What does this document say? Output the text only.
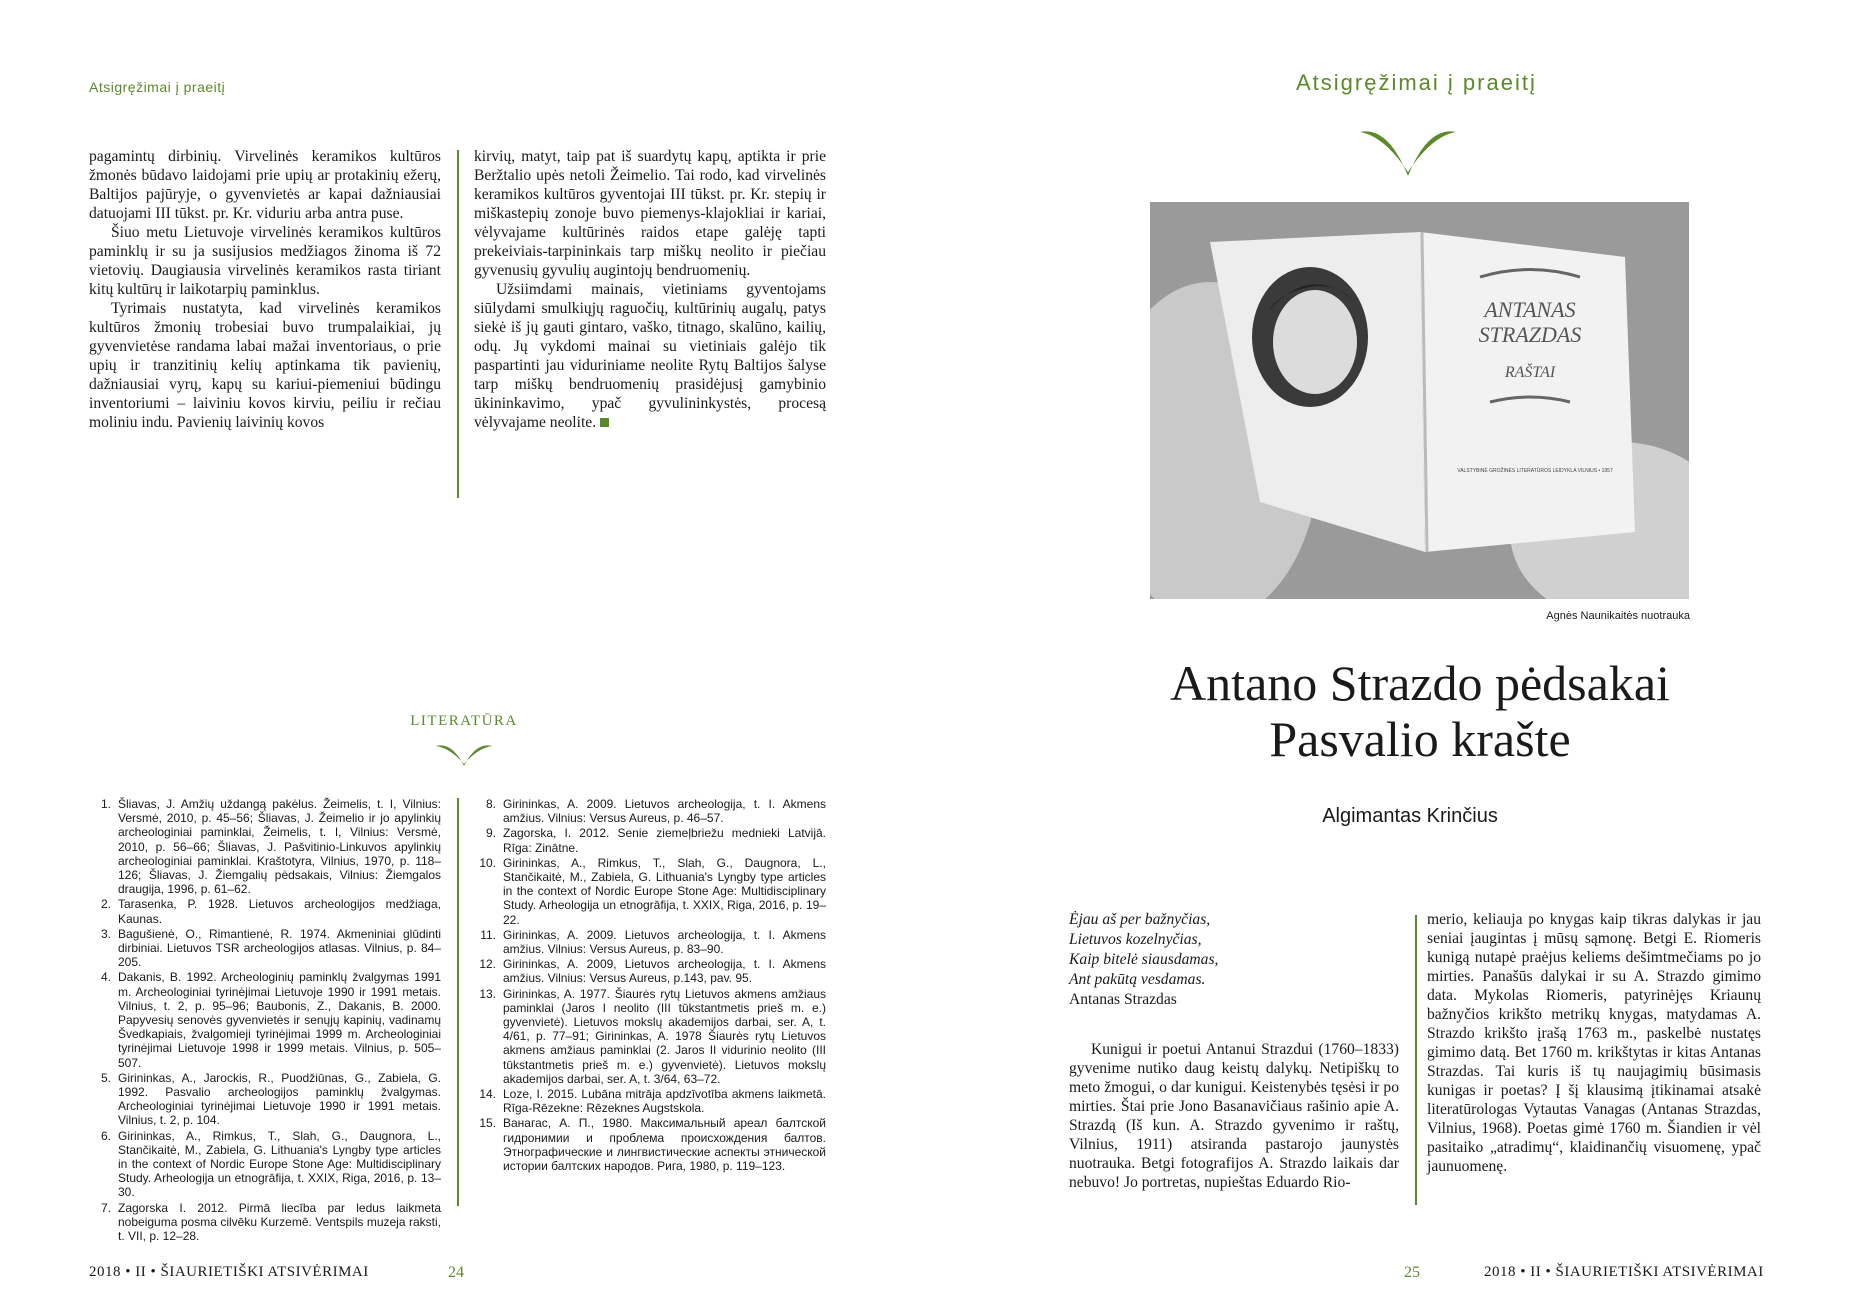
Atsigręžimai į praeitį

pagamintų dirbinių. Virvelinės keramikos kultūros žmonės būdavo laidojami prie upių ar protakinių ežerų, Baltijos pajūryje, o gyvenvietės ar kapai dažniausiai datuojami III tūkst. pr. Kr. viduriu arba antra puse.

Šiuo metu Lietuvoje virvelinės keramikos kultūros paminklų ir su ja susijusios medžiagos žinoma iš 72 vietovių. Daugiausia virvelinės keramikos rasta tiriant kitų kultūrų ir laikotarpių paminklus.

Tyrimais nustatyta, kad virvelinės keramikos kultūros žmonių trobesiai buvo trumpalaikiai, jų gyvenvietėse randama labai mažai inventoriaus, o prie upių ir tranzitinių kelių aptinkama tik pavienių, dažniausiai vyrų, kapų su kariui-piemeniui būdingu inventoriumi – laiviniu kovos kirviu, peiliu ir rečiau moliniu indu. Pavienių laivinių kovos

kirvių, matyt, taip pat iš suardytų kapų, aptikta ir prie Beržtalio upės netoli Žeimelio. Tai rodo, kad virvelinės keramikos kultūros gyventojai III tūkst. pr. Kr. stepių ir miškastepių zonoje buvo piemenys-klajokliai ir kariai, vėlyvajame kultūrinės raidos etape galėję tapti prekeiviais-tarpininkais tarp miškų neolito ir piečiau gyvenusių gyvulių augintojų bendruomenių.

Užsiimdami mainais, vietiniams gyventojams siūlydami smulkiųjų raguočių, kultūrinių augalų, patys siekė iš jų gauti gintaro, vaško, titnago, skalūno, kailių, odų. Jų vykdomi mainai su vietiniais galėjo tik paspartinti jau viduriniame neolite Rytų Baltijos šalyse tarp miškų bendruomenių prasidėjusį gamybinio ūkininkavimo, ypač gyvulininkystės, procesą vėlyvajame neolite.

LITERATŪRA
1. Šliavas, J. Amžių uždangą pakėlus. Žeimelis, t. I, Vilnius: Versmė, 2010, p. 45–56; Šliavas, J. Žeimelio ir jo apylinkių archeologiniai paminklai, Žeimelis, t. I, Vilnius: Versmė, 2010, p. 56–66; Šliavas, J. Pašvitinio-Linkuvos apylinkių archeologiniai paminklai. Kraštotyra, Vilnius, 1970, p. 118–126; Šliavas, J. Žiemgalių pėdsakais, Vilnius: Žiemgalos draugija, 1996, p. 61–62.
2. Tarasenka, P. 1928. Lietuvos archeologijos medžiaga, Kaunas.
3. Bagušienė, O., Rimantienė, R. 1974. Akmeniniai glūdinti dirbiniai. Lietuvos TSR archeologijos atlasas. Vilnius, p. 84–205.
4. Dakanis, B. 1992. Archeologinių paminklų žvalgymas 1991 m. Archeologiniai tyrinėjimai Lietuvoje 1990 ir 1991 metais. Vilnius, t. 2, p. 95–96; Baubonis, Z., Dakanis, B. 2000. Papyvesių senovės gyvenvietės ir senųjų kapinių, vadinamų Švedkapiais, žvalgomieji tyrinėjimai 1999 m. Archeologiniai tyrinėjimai Lietuvoje 1998 ir 1999 metais. Vilnius, p. 505–507.
5. Girininkas, A., Jarockis, R., Puodžiūnas, G., Zabiela, G. 1992. Pasvalio archeologijos paminklų žvalgymas. Archeologiniai tyrinėjimai Lietuvoje 1990 ir 1991 metais. Vilnius, t. 2, p. 104.
6. Girininkas, A., Rimkus, T., Slah, G., Daugnora, L., Stančikaitė, M., Zabiela, G. Lithuania's Lyngby type articles in the context of Nordic Europe Stone Age: Multidisciplinary Study. Arheologija un etnogrāfija, t. XXIX, Riga, 2016, p. 13–30.
7. Zagorska I. 2012. Pirmā liecība par ledus laikmeta nobeiguma posma cilvēku Kurzemē. Ventspils muzeja raksti, t. VII, p. 12–28.
8. Girininkas, A. 2009. Lietuvos archeologija, t. I. Akmens amžius. Vilnius: Versus Aureus, p. 46–57.
9. Zagorska, I. 2012. Senie ziemeļbriežu mednieki Latvijā. Rīga: Zinātne.
10. Girininkas, A., Rimkus, T., Slah, G., Daugnora, L., Stančikaitė, M., Zabiela, G. Lithuania's Lyngby type articles in the context of Nordic Europe Stone Age: Multidisciplinary Study. Arheologija un etnogrāfija, t. XXIX, Riga, 2016, p. 19–22.
11. Girininkas, A. 2009. Lietuvos archeologija, t. I. Akmens amžius. Vilnius: Versus Aureus, p. 83–90.
12. Girininkas, A. 2009, Lietuvos archeologija, t. I. Akmens amžius. Vilnius: Versus Aureus, p.143, pav. 95.
13. Girininkas, A. 1977. Šiaurės rytų Lietuvos akmens amžiaus paminklai (Jaros I neolito (III tūkstantmetis prieš m. e.) gyvenvietė). Lietuvos mokslų akademijos darbai, ser. A, t. 4/61, p. 77–91; Girininkas, A. 1978 Šiaurės rytų Lietuvos akmens amžiaus paminklai (2. Jaros II vidurinio neolito (III tūkstantmetis prieš m. e.) gyvenvietė). Lietuvos mokslų akademijos darbai, ser. A, t. 3/64, 63–72.
14. Loze, I. 2015. Lubāna mitrāja apdzīvotība akmens laikmetā. Rīga-Rēzekne: Rēzeknes Augstskola.
15. Ванагас, А. П., 1980. Максимальный ареал балтской гидронимии и проблема происхождения балтов. Этнографические и лингвистические аспекты этнической истории балтских народов. Рига, 1980, р. 119–123.
2018 • II • ŠIAURIETIŠKI ATSIVĖRIMAI	24
Atsigręžimai į praeitį
ANTANAS
STRAZDAS
RAŠTAI
VALSTYBINĖ GROŽINĖS LITERATŪROS LEIDYKLA VILNIUS • 1957
Agnės Naunikaitės nuotrauka
Antano Strazdo pėdsakai
Pasvalio krašte
Algimantas Krinčius
Ėjau aš per bažnyčias,
Lietuvos kozelnyčias,
Kaip bitelė siausdamas,
Ant pakūtą vesdamas.
Antanas Strazdas

Kunigui ir poetui Antanui Strazdui (1760–1833) gyvenime nutiko daug keistų dalykų. Netipiškų to meto žmogui, o dar kunigui. Keistenybės tęsėsi ir po mirties. Štai prie Jono Basanavičiaus rašinio apie A. Strazdą (Iš kun. A. Strazdo gyvenimo ir raštų, Vilnius, 1911) atsiranda pastarojo jaunystės nuotrauka. Betgi fotografijos A. Strazdo laikais dar nebuvo! Jo portretas, nupieštas Eduardo Rio-

merio, keliauja po knygas kaip tikras dalykas ir jau seniai įaugintas į mūsų sąmonę. Betgi E. Riomeris kunigą nutapė praėjus keliems dešimtmečiams po jo mirties. Panašūs dalykai ir su A. Strazdo gimimo data. Mykolas Riomeris, patyrinėjęs Kriaunų bažnyčios krikšto metrikų knygas, matydamas A. Strazdo krikšto įrašą 1763 m., paskelbė nustatęs gimimo datą. Bet 1760 m. krikštytas ir kitas Antanas Strazdas. Tai kuris iš tų naujagimių būsimasis kunigas ir poetas? Į šį klausimą įtikinamai atsakė literatūrologas Vytautas Vanagas (Antanas Strazdas, Vilnius, 1968). Poetas gimė 1760 m. Šiandien ir vėl pasitaiko „atradimų“, klaidinančių visuomenę, ypač jaunuomenę.

25	2018 • II • ŠIAURIETIŠKI ATSIVĖRIMAI
